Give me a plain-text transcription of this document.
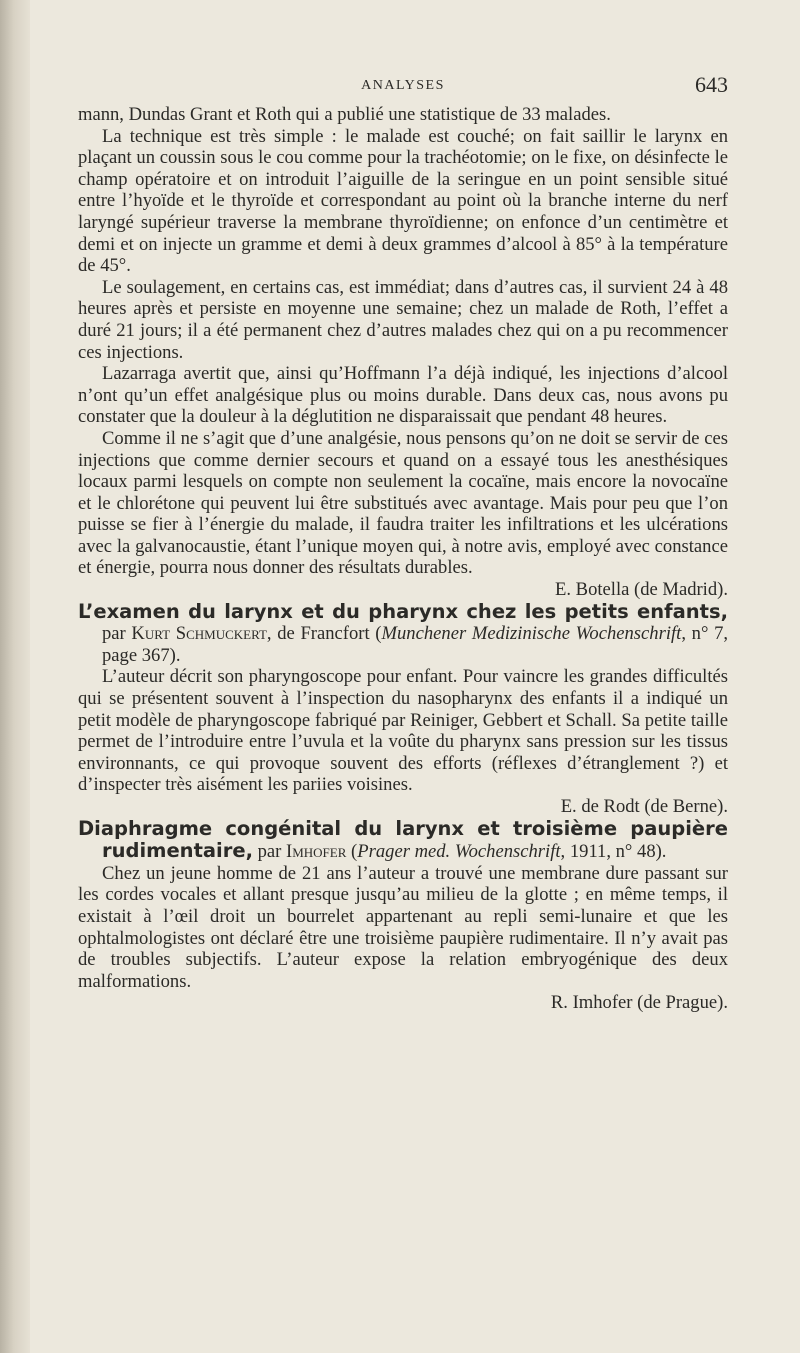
ANALYSES	643

mann, Dundas Grant et Roth qui a publié une statistique de 33 malades.

La technique est très simple : le malade est couché; on fait saillir le larynx en plaçant un coussin sous le cou comme pour la trachéotomie; on le fixe, on désinfecte le champ opératoire et on introduit l’aiguille de la seringue en un point sensible situé entre l’hyoïde et le thyroïde et correspondant au point où la branche interne du nerf laryngé supérieur traverse la membrane thyroïdienne; on enfonce d’un centimètre et demi et on injecte un gramme et demi à deux grammes d’alcool à 85° à la température de 45°.

Le soulagement, en certains cas, est immédiat; dans d’autres cas, il survient 24 à 48 heures après et persiste en moyenne une semaine; chez un malade de Roth, l’effet a duré 21 jours; il a été permanent chez d’autres malades chez qui on a pu recommencer ces injections.

Lazarraga avertit que, ainsi qu’Hoffmann l’a déjà indiqué, les injections d’alcool n’ont qu’un effet analgésique plus ou moins durable. Dans deux cas, nous avons pu constater que la douleur à la déglutition ne disparaissait que pendant 48 heures.

Comme il ne s’agit que d’une analgésie, nous pensons qu’on ne doit se servir de ces injections que comme dernier secours et quand on a essayé tous les anesthésiques locaux parmi lesquels on compte non seulement la cocaïne, mais encore la novocaïne et le chlorétone qui peuvent lui être substitués avec avantage. Mais pour peu que l’on puisse se fier à l’énergie du malade, il faudra traiter les infiltrations et les ulcérations avec la galvanocaustie, étant l’unique moyen qui, à notre avis, employé avec constance et énergie, pourra nous donner des résultats durables.

E. Botella (de Madrid).

L’examen du larynx et du pharynx chez les petits enfants, par Kurt Schmuckert, de Francfort (Munchener Medizinische Wochenschrift, n° 7, page 367).

L’auteur décrit son pharyngoscope pour enfant. Pour vaincre les grandes difficultés qui se présentent souvent à l’inspection du nasopharynx des enfants il a indiqué un petit modèle de pharyngoscope fabriqué par Reiniger, Gebbert et Schall. Sa petite taille permet de l’introduire entre l’uvula et la voûte du pharynx sans pression sur les tissus environnants, ce qui provoque souvent des efforts (réflexes d’étranglement ?) et d’inspecter très aisément les pariies voisines.

E. de Rodt (de Berne).

Diaphragme congénital du larynx et troisième paupière rudimentaire, par Imhofer (Prager med. Wochenschrift, 1911, n° 48).

Chez un jeune homme de 21 ans l’auteur a trouvé une membrane dure passant sur les cordes vocales et allant presque jusqu’au milieu de la glotte ; en même temps, il existait à l’œil droit un bourrelet appartenant au repli semi-lunaire et que les ophtalmologistes ont déclaré être une troisième paupière rudimentaire. Il n’y avait pas de troubles subjectifs. L’auteur expose la relation embryogénique des deux malformations.

R. Imhofer (de Prague).
